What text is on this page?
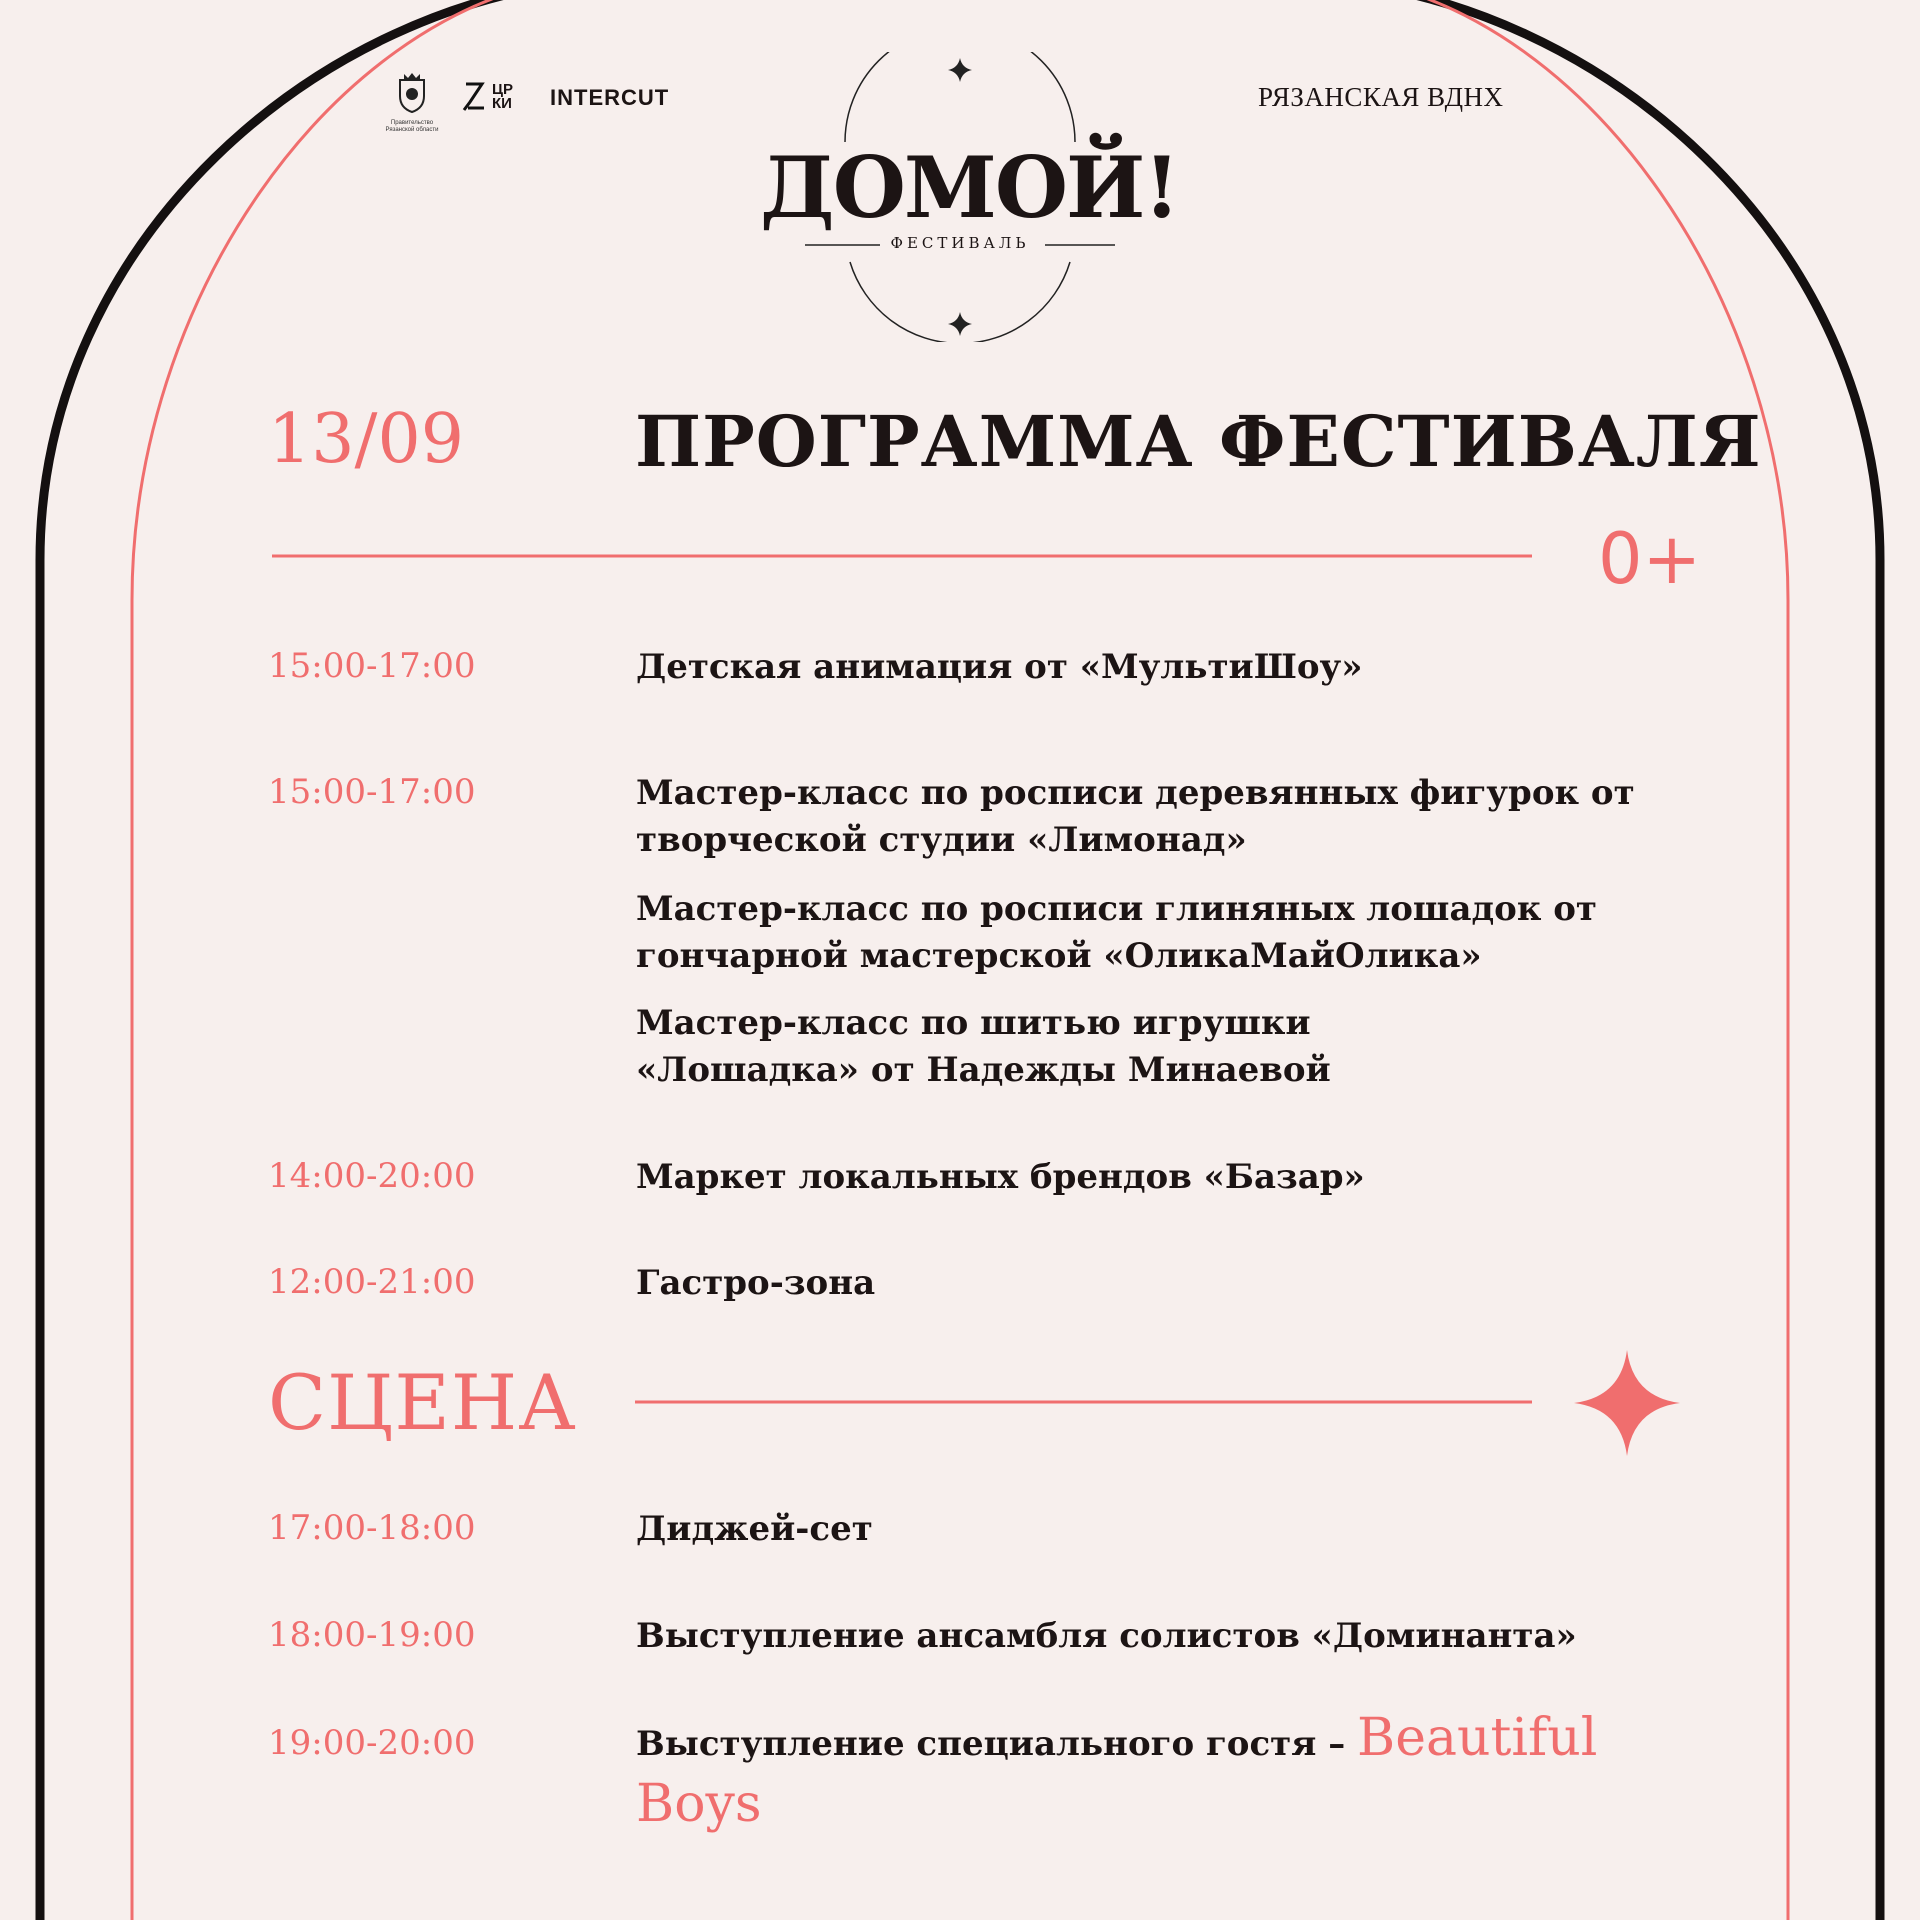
Правительство Рязанской области
ЦРКИ	INTERCUT	РЯЗАНСКАЯ ВДНХ
ДОМОЙ!
ФЕСТИВАЛЬ
13/09 ПРОГРАММА ФЕСТИВАЛЯ
0+
15:00-17:00	Детская анимация от «МультиШоу»
15:00-17:00	Мастер-класс по росписи деревянных фигурок от творческой студии «Лимонад»
Мастер-класс по росписи глиняных лошадок от гончарной мастерской «ОликаМайОлика»
Мастер-класс по шитью игрушки «Лошадка» от Надежды Минаевой
14:00-20:00	Маркет локальных брендов «Базар»
12:00-21:00	Гастро-зона
СЦЕНА
17:00-18:00	Диджей-сет
18:00-19:00	Выступление ансамбля солистов «Доминанта»
19:00-20:00	Выступление специального гостя – Beautiful Boys
